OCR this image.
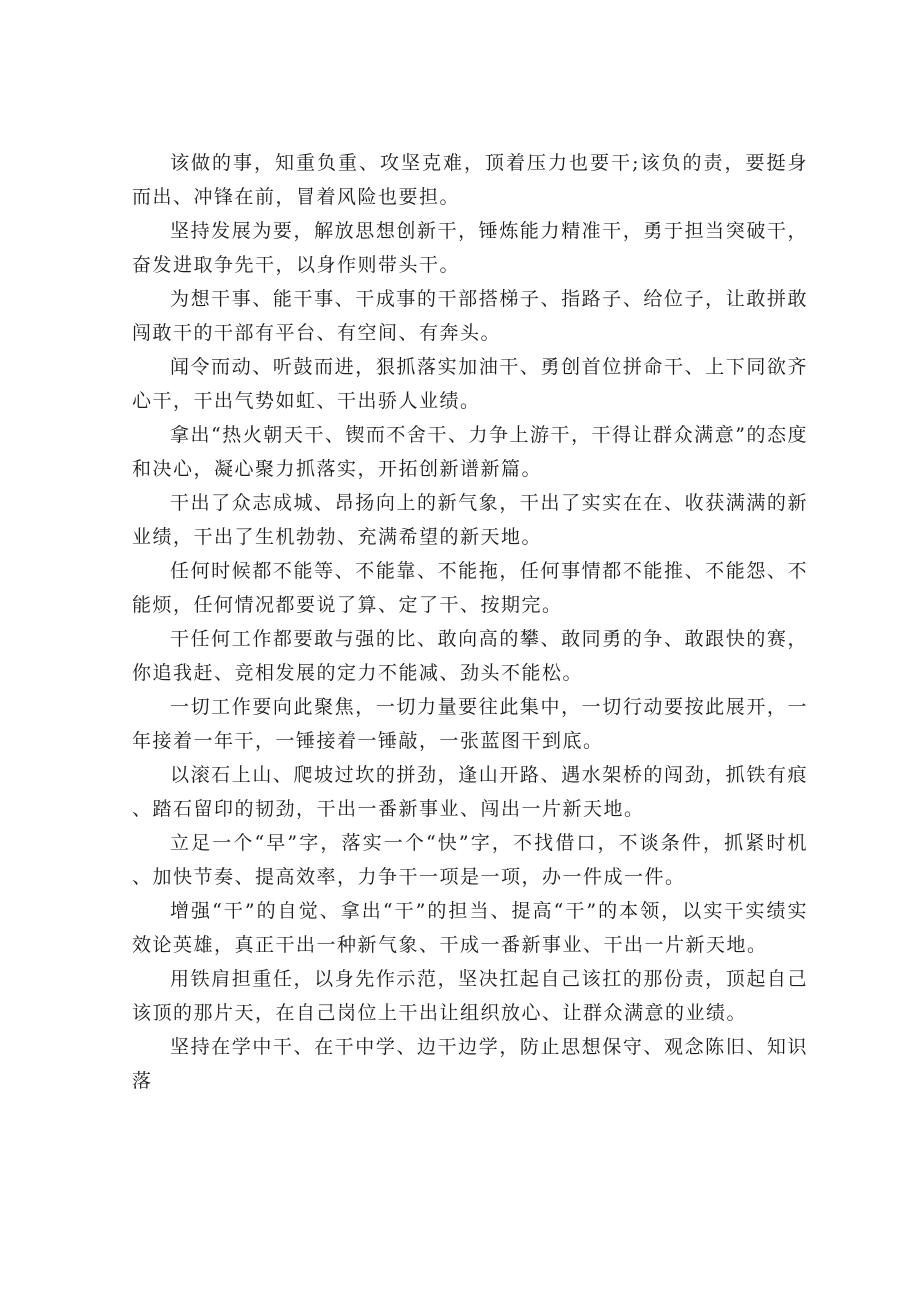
该做的事，知重负重、攻坚克难，顶着压力也要干;该负的责，要挺身而出、冲锋在前，冒着风险也要担。

坚持发展为要，解放思想创新干，锤炼能力精准干，勇于担当突破干，奋发进取争先干，以身作则带头干。

为想干事、能干事、干成事的干部搭梯子、指路子、给位子，让敢拼敢闯敢干的干部有平台、有空间、有奔头。

闻令而动、听鼓而进，狠抓落实加油干、勇创首位拼命干、上下同欲齐心干，干出气势如虹、干出骄人业绩。

拿出“热火朝天干、锲而不舍干、力争上游干，干得让群众满意”的态度和决心，凝心聚力抓落实，开拓创新谱新篇。

干出了众志成城、昂扬向上的新气象，干出了实实在在、收获满满的新业绩，干出了生机勃勃、充满希望的新天地。

任何时候都不能等、不能靠、不能拖，任何事情都不能推、不能怨、不能烦，任何情况都要说了算、定了干、按期完。

干任何工作都要敢与强的比、敢向高的攀、敢同勇的争、敢跟快的赛，你追我赶、竞相发展的定力不能减、劲头不能松。

一切工作要向此聚焦，一切力量要往此集中，一切行动要按此展开，一年接着一年干，一锤接着一锤敲，一张蓝图干到底。

以滚石上山、爬坡过坎的拼劲，逢山开路、遇水架桥的闯劲，抓铁有痕、踏石留印的韧劲，干出一番新事业、闯出一片新天地。

立足一个“早”字，落实一个“快”字，不找借口，不谈条件，抓紧时机、加快节奏、提高效率，力争干一项是一项，办一件成一件。

增强“干”的自觉、拿出“干”的担当、提高“干”的本领，以实干实绩实效论英雄，真正干出一种新气象、干成一番新事业、干出一片新天地。

用铁肩担重任，以身先作示范，坚决扛起自己该扛的那份责，顶起自己该顶的那片天，在自己岗位上干出让组织放心、让群众满意的业绩。

坚持在学中干、在干中学、边干边学，防止思想保守、观念陈旧、知识落
